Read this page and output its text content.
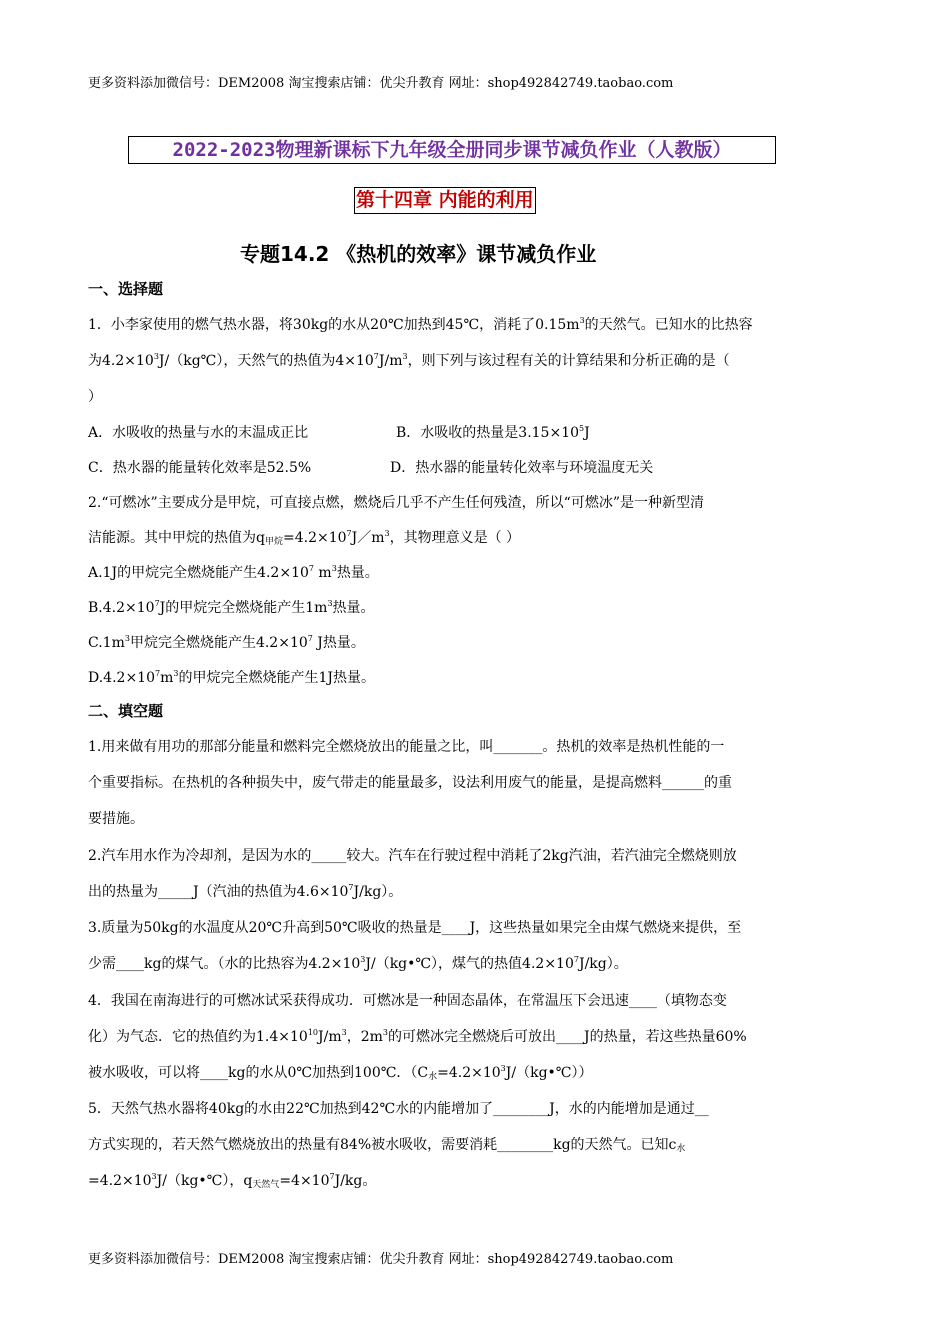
更多资料添加微信号：DEM2008 淘宝搜索店铺：优尖升教育 网址：shop492842749.taobao.com
2022-2023物理新课标下九年级全册同步课节减负作业（人教版）
第十四章 内能的利用
专题14.2 《热机的效率》课节减负作业
一、选择题
1．小李家使用的燃气热水器，将30kg的水从20℃加热到45℃，消耗了$0.15m^3$的天然气。已知水的比热容
为$4.2\times 10^3J/(kg℃)$，天然气的热值为$4\times 10^7J/m^3$，则下列与该过程有关的计算结果和分析正确的是（
）
A．水吸收的热量与水的末温成正比	B．水吸收的热量是$3.15\times 10^5J$
C．热水器的能量转化效率是52.5%	D．热水器的能量转化效率与环境温度无关
2.“可燃冰”主要成分是甲烷，可直接点燃，燃烧后几乎不产生任何残渣，所以“可燃冰”是一种新型清
洁能源。其中甲烷的热值为$q_{甲烷}=4.2\times 10^7J/m^3$，其物理意义是（ ）
A.1J的甲烷完全燃烧能产生$4.2\times 10^7$ $m^3$热量。
$B.4.2\times 10^7J$的甲烷完全燃烧能产生$1m^3$热量。
$C.1m^3$甲烷完全燃烧能产生$4.2\times 10^7$ J热量。
$D.4.2\times 10^7m^3$的甲烷完全燃烧能产生1J热量。
二、填空题
1.用来做有用功的那部分能量和燃料完全燃烧放出的能量之比，叫_______。热机的效率是热机性能的一
个重要指标。在热机的各种损失中，废气带走的能量最多，设法利用废气的能量，是提高燃料______的重
要措施。
2.汽车用水作为冷却剂，是因为水的_____较大。汽车在行驶过程中消耗了2kg汽油，若汽油完全燃烧则放
出的热量为_____J（汽油的热值为$4.6\times 10^7J/kg$）。
3.质量为50kg的水温度从20℃升高到50℃吸收的热量是____J，这些热量如果完全由煤气燃烧来提供，至
少需____kg的煤气。（水的比热容为$4.2\times 10^3J/(kg•℃)$，煤气的热值$4.2\times 10^7J/kg$）。
4．我国在南海进行的可燃冰试采获得成功．可燃冰是一种固态晶体，在常温压下会迅速____（填物态变
化）为气态．它的热值约为$1.4\times 10^{10}J/m^3$，$2m^3$的可燃冰完全燃烧后可放出____J的热量，若这些热量60%
被水吸收，可以将____kg的水从0℃加热到100℃．$(C_水=4.2\times 10^3J/(kg•℃))$
5．天然气热水器将40kg的水由22℃加热到42℃水的内能增加了________J，水的内能增加是通过__
方式实现的，若天然气燃烧放出的热量有84%被水吸收，需要消耗________kg的天然气。已知$c_水$
$=4.2\times 10^3J/(kg•℃)$，$q_{天然气}=4\times 10^7J/kg$。
更多资料添加微信号：DEM2008 淘宝搜索店铺：优尖升教育 网址：shop492842749.taobao.com
